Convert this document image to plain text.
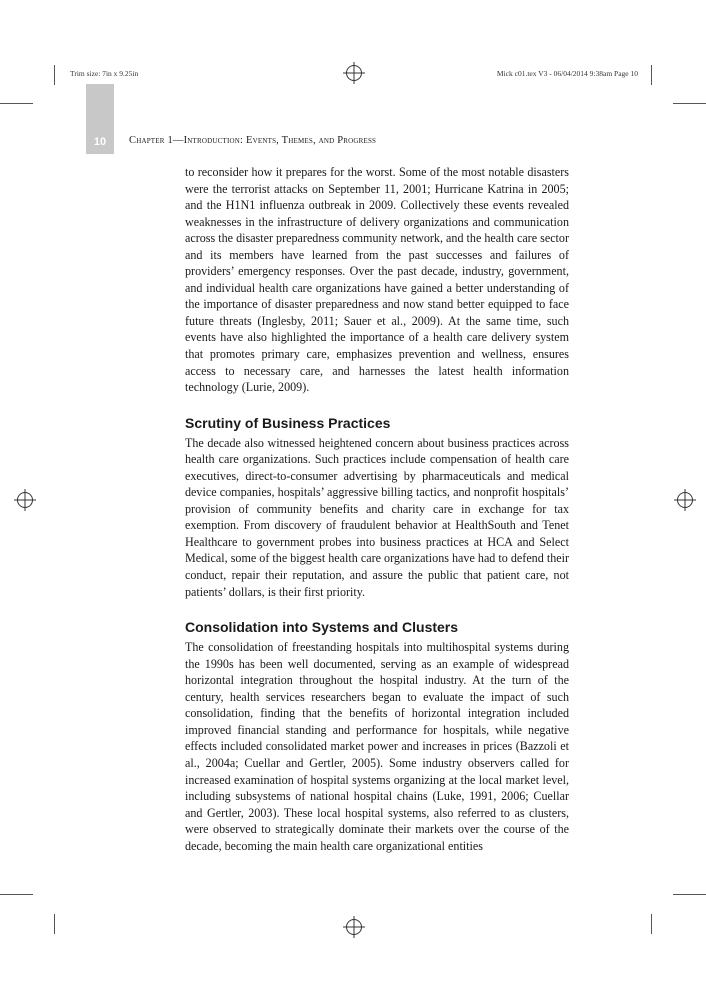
Trim size: 7in x 9.25in	Mick c01.tex V3 - 06/04/2014 9:38am Page 10
10	Chapter 1—Introduction: Events, Themes, and Progress

to reconsider how it prepares for the worst. Some of the most notable disasters were the terrorist attacks on September 11, 2001; Hurricane Katrina in 2005; and the H1N1 influenza outbreak in 2009. Collectively these events revealed weaknesses in the infrastructure of delivery organizations and communication across the disaster preparedness community network, and the health care sector and its members have learned from the past successes and failures of providers’ emergency responses. Over the past decade, industry, government, and individual health care organizations have gained a better understanding of the importance of disaster preparedness and now stand better equipped to face future threats (Inglesby, 2011; Sauer et al., 2009). At the same time, such events have also highlighted the importance of a health care delivery system that promotes primary care, emphasizes prevention and wellness, ensures access to necessary care, and harnesses the latest health information technology (Lurie, 2009).

Scrutiny of Business Practices

The decade also witnessed heightened concern about business practices across health care organizations. Such practices include compensation of health care executives, direct-to-consumer advertising by pharmaceuticals and medical device companies, hospitals’ aggressive billing tactics, and nonprofit hospitals’ provision of community benefits and charity care in exchange for tax exemption. From discovery of fraudulent behavior at HealthSouth and Tenet Healthcare to government probes into business practices at HCA and Select Medical, some of the biggest health care organizations have had to defend their conduct, repair their reputation, and assure the public that patient care, not patients’ dollars, is their first priority.

Consolidation into Systems and Clusters

The consolidation of freestanding hospitals into multihospital systems during the 1990s has been well documented, serving as an example of widespread horizontal integration throughout the hospital industry. At the turn of the century, health services researchers began to evaluate the impact of such consolidation, finding that the benefits of horizontal integration included improved financial standing and performance for hospitals, while negative effects included consolidated market power and increases in prices (Bazzoli et al., 2004a; Cuellar and Gertler, 2005). Some industry observers called for increased examination of hospital systems organizing at the local market level, including subsystems of national hospital chains (Luke, 1991, 2006; Cuellar and Gertler, 2003). These local hospital systems, also referred to as clusters, were observed to strategically dominate their markets over the course of the decade, becoming the main health care organizational entities
